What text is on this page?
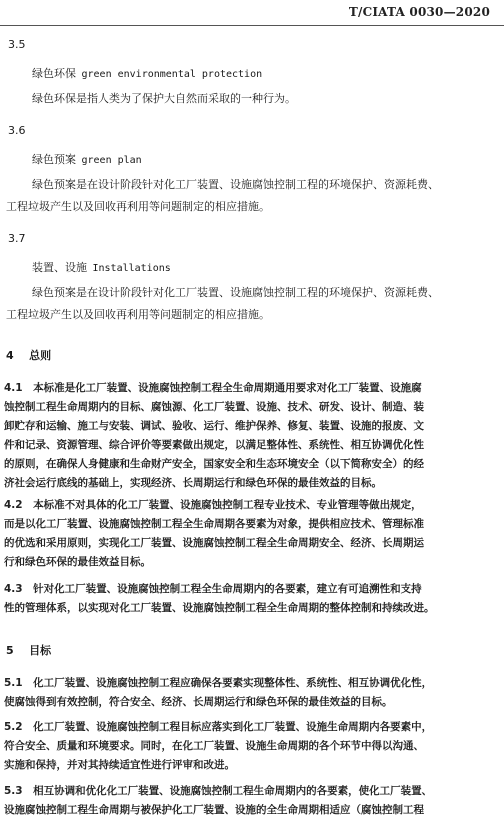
T/CIATA 0030—2020
3.5
绿色环保 green environmental protection

绿色环保是指人类为了保护大自然而采取的一种行为。

3.6
绿色预案 green plan

绿色预案是在设计阶段针对化工厂装置、设施腐蚀控制工程的环境保护、资源耗费、

工程垃圾产生以及回收再利用等问题制定的相应措施。

3.7
装置、设施 Installations

绿色预案是在设计阶段针对化工厂装置、设施腐蚀控制工程的环境保护、资源耗费、

工程垃圾产生以及回收再利用等问题制定的相应措施。

4 总则

4.1　本标准是化工厂装置、设施腐蚀控制工程全生命周期通用要求对化工厂装置、设施腐

蚀控制工程生命周期内的目标、腐蚀源、化工厂装置、设施、技术、研发、设计、制造、装

卸贮存和运输、施工与安装、调试、验收、运行、维护保养、修复、装置、设施的报废、文

件和记录、资源管理、综合评价等要素做出规定，以满足整体性、系统性、相互协调优化性

的原则，在确保人身健康和生命财产安全，国家安全和生态环境安全（以下简称安全）的经

济社会运行底线的基础上，实现经济、长周期运行和绿色环保的最佳效益的目标。

4.2　本标准不对具体的化工厂装置、设施腐蚀控制工程专业技术、专业管理等做出规定，

而是以化工厂装置、设施腐蚀控制工程全生命周期各要素为对象，提供相应技术、管理标准

的优选和采用原则，实现化工厂装置、设施腐蚀控制工程全生命周期安全、经济、长周期运

行和绿色环保的最佳效益目标。

4.3　针对化工厂装置、设施腐蚀控制工程全生命周期内的各要素，建立有可追溯性和支持

性的管理体系，以实现对化工厂装置、设施腐蚀控制工程全生命周期的整体控制和持续改进。

5 目标

5.1　化工厂装置、设施腐蚀控制工程应确保各要素实现整体性、系统性、相互协调优化性，

使腐蚀得到有效控制，符合安全、经济、长周期运行和绿色环保的最佳效益的目标。

5.2　化工厂装置、设施腐蚀控制工程目标应落实到化工厂装置、设施生命周期内各要素中，

符合安全、质量和环境要求。同时，在化工厂装置、设施生命周期的各个环节中得以沟通、

实施和保持，并对其持续适宜性进行评审和改进。

5.3　相互协调和优化化工厂装置、设施腐蚀控制工程生命周期内的各要素，使化工厂装置、

设施腐蚀控制工程生命周期与被保护化工厂装置、设施的全生命周期相适应（腐蚀控制工程
